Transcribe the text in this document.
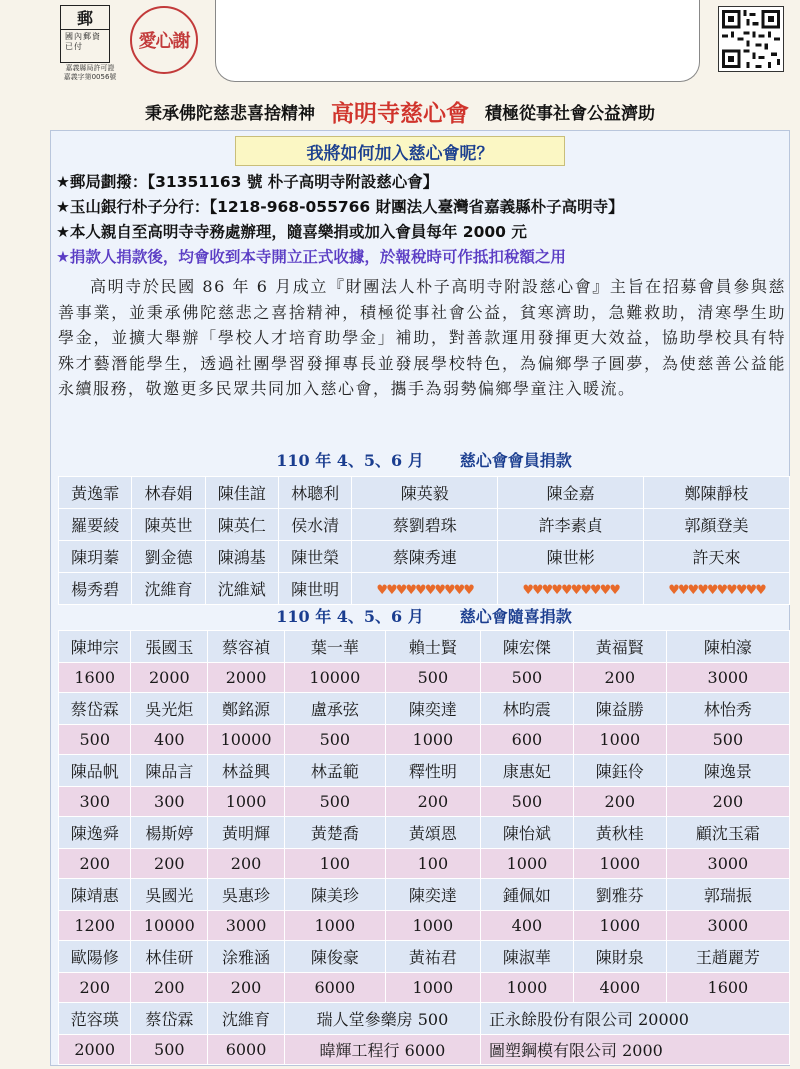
郵
國 內 郵 資
已 付
嘉義縣局許可證
嘉義字第0056號
愛心謝
秉承佛陀慈悲喜捨精神 高明寺慈心會 積極從事社會公益濟助
我將如何加入慈心會呢？
★郵局劃撥：【31351163 號 朴子高明寺附設慈心會】
★玉山銀行朴子分行：【1218-968-055766 財團法人臺灣省嘉義縣朴子高明寺】
★本人親自至高明寺寺務處辦理，隨喜樂捐或加入會員每年 2000 元
★捐款人捐款後，均會收到本寺開立正式收據，於報稅時可作抵扣稅額之用

高明寺於民國 86 年 6 月成立『財團法人朴子高明寺附設慈心會』主旨在招募會員參與慈善事業，並秉承佛陀慈悲之喜捨精神，積極從事社會公益，貧寒濟助，急難救助，清寒學生助學金，並擴大舉辦「學校人才培育助學金」補助，對善款運用發揮更大效益，協助學校具有特殊才藝潛能學生，透過社團學習發揮專長並發展學校特色，為偏鄉學子圓夢，為使慈善公益能永續服務，敬邀更多民眾共同加入慈心會，攜手為弱勢偏鄉學童注入暖流。

110 年 4、5、6 月 慈心會會員捐款
黃逸霏	林春娟	陳佳誼	林聰利	陳英毅	陳金嘉	鄭陳靜枝
羅要綾	陳英世	陳英仁	侯水清	蔡劉碧珠	許李素貞	郭顏登美
陳玥蓁	劉金德	陳鴻基	陳世榮	蔡陳秀連	陳世彬	許天來
楊秀碧	沈維育	沈維斌	陳世明	♥♥♥♥♥♥♥♥♥♥	♥♥♥♥♥♥♥♥♥♥	♥♥♥♥♥♥♥♥♥♥
110 年 4、5、6 月 慈心會隨喜捐款
陳坤宗	張國玉	蔡容禎	葉一華	賴士賢	陳宏傑	黃福賢	陳柏濠
1600	2000	2000	10000	500	500	200	3000
蔡岱霖	吳光炬	鄭銘源	盧承弦	陳奕達	林昀震	陳益勝	林怡秀
500	400	10000	500	1000	600	1000	500
陳品帆	陳品言	林益興	林孟範	釋性明	康惠妃	陳鈺伶	陳逸景
300	300	1000	500	200	500	200	200
陳逸舜	楊斯婷	黃明輝	黃楚喬	黃頌恩	陳怡斌	黃秋桂	顧沈玉霜
200	200	200	100	100	1000	1000	3000
陳靖惠	吳國光	吳惠珍	陳美珍	陳奕達	鍾佩如	劉雅芬	郭瑞振
1200	10000	3000	1000	1000	400	1000	3000
歐陽修	林佳研	涂雅涵	陳俊豪	黃祐君	陳淑華	陳財泉	王趙麗芳
200	200	200	6000	1000	1000	4000	1600
范容瑛	蔡岱霖	沈維育	瑞人堂參藥房 500		正永餘股份有限公司 20000		
2000	500	6000	暐輝工程行 6000		圖塑鋼模有限公司 2000		
